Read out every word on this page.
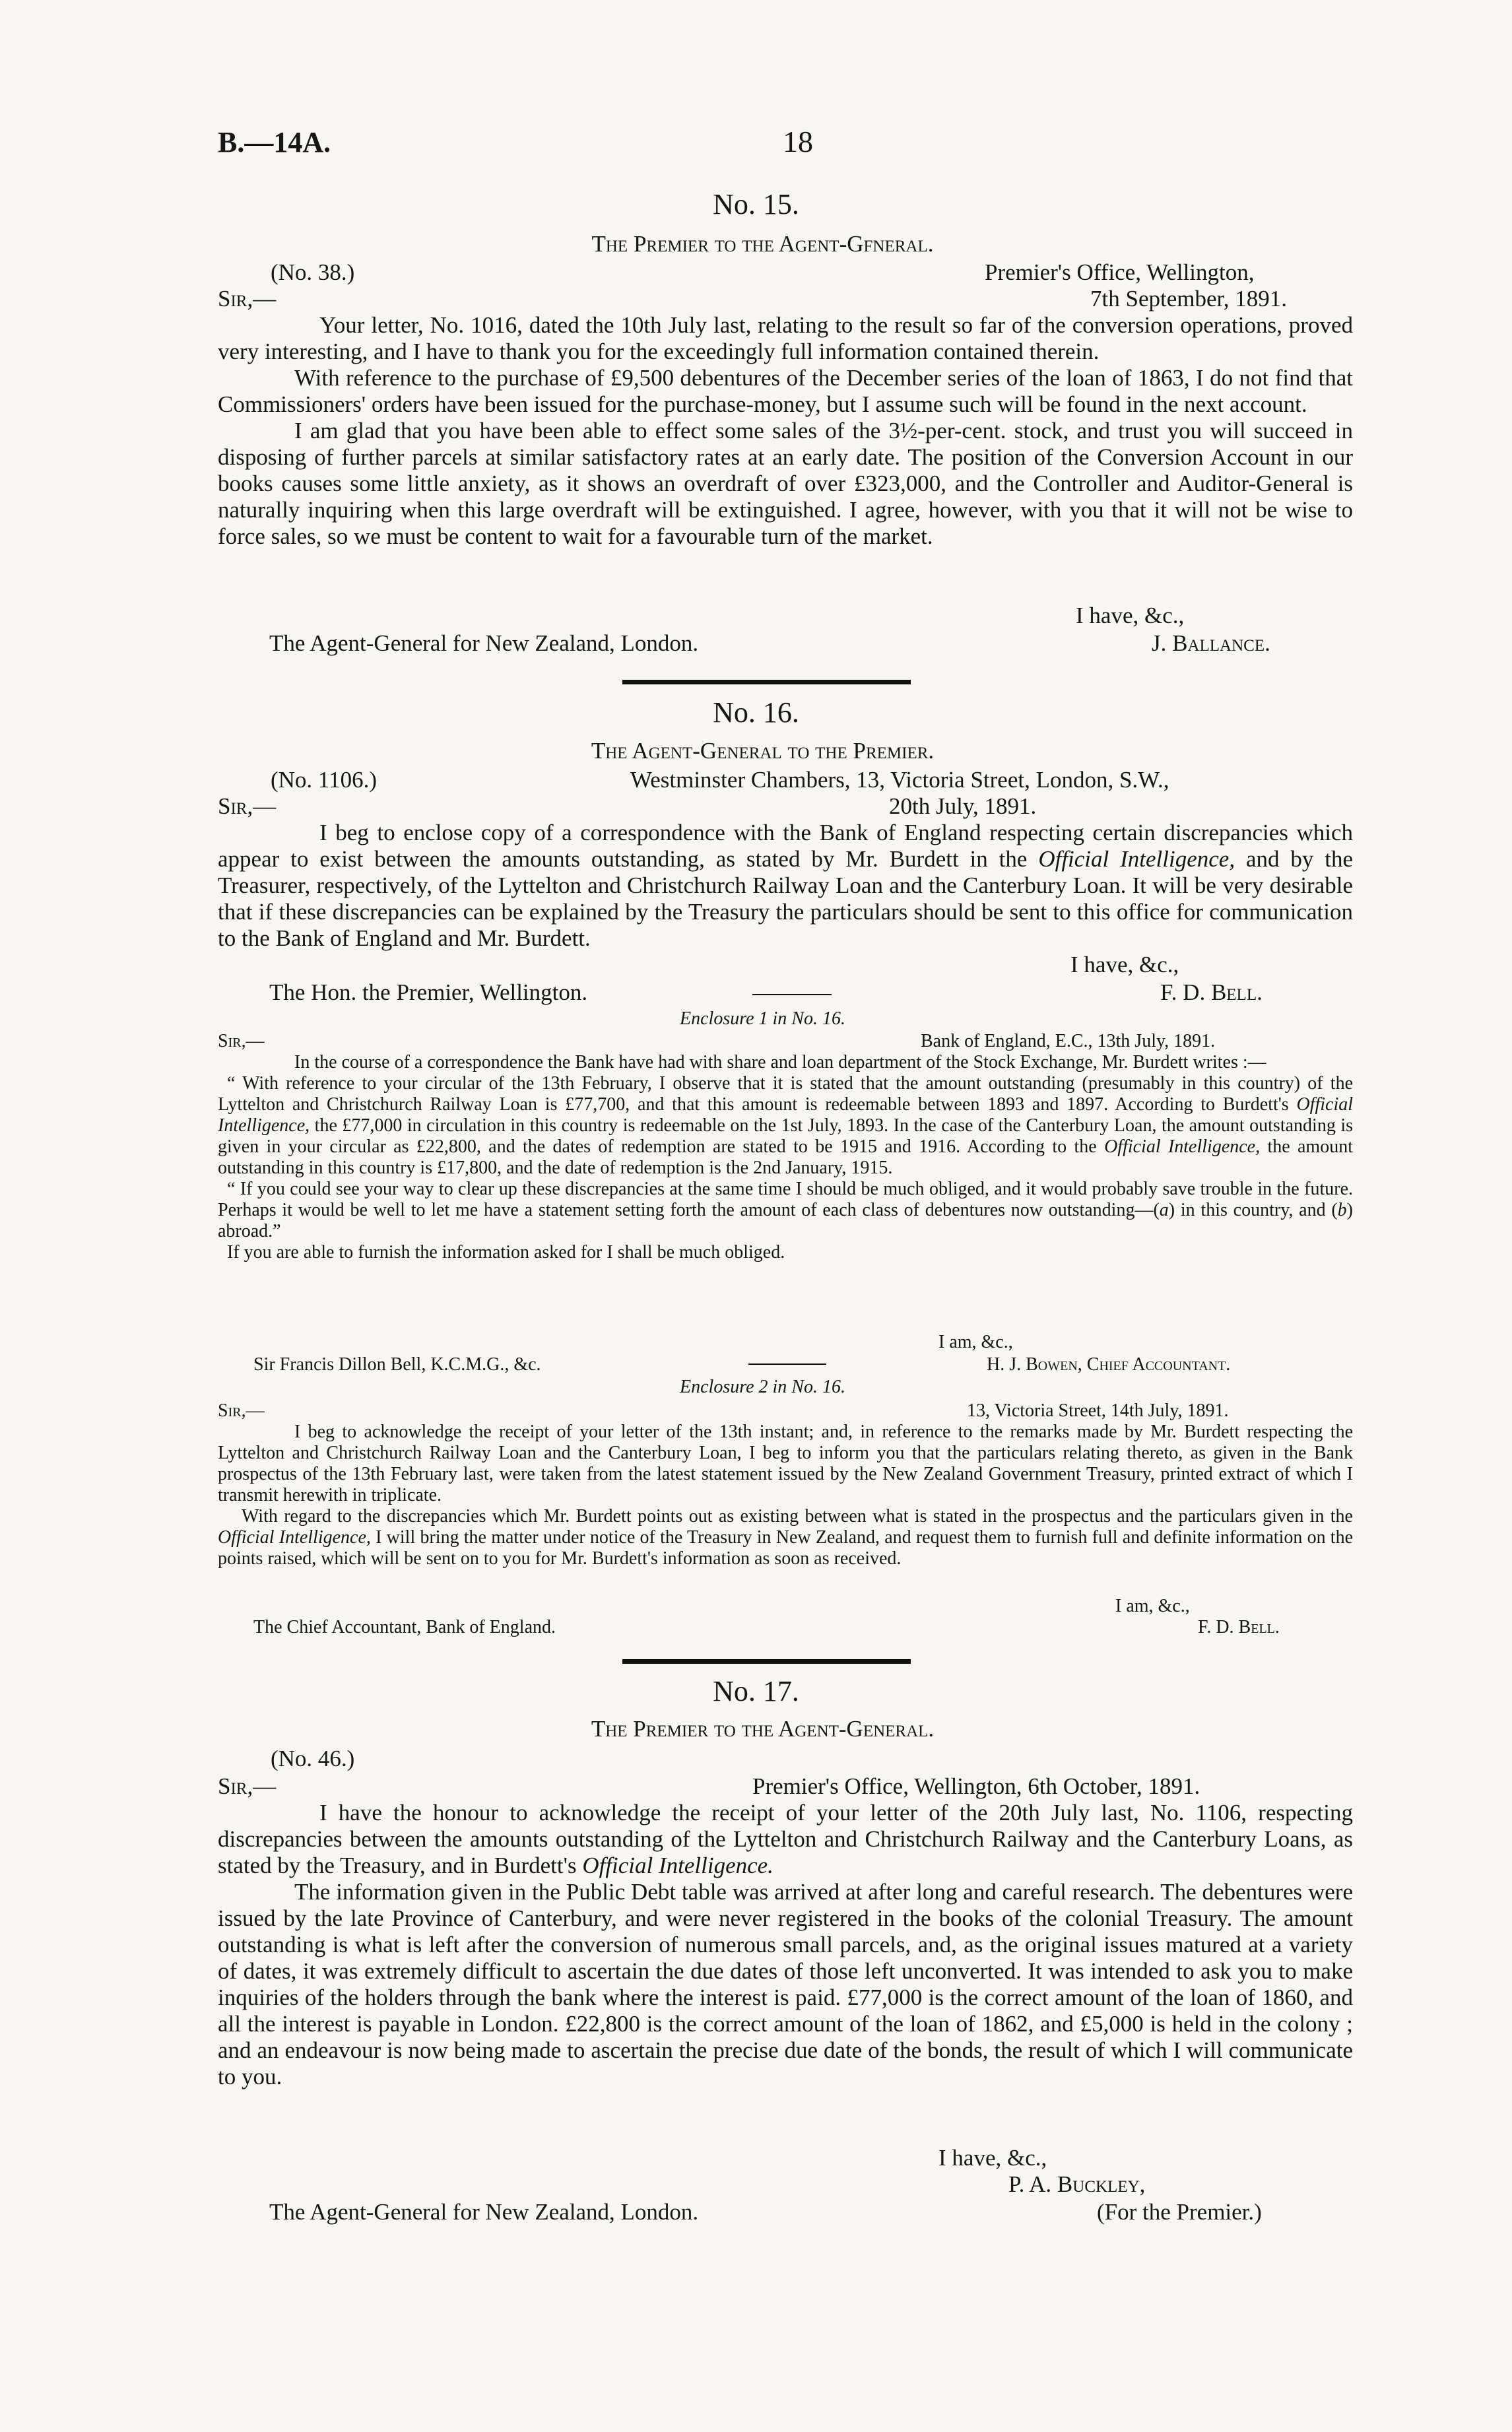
B.—14A.	18
No. 15.
The Premier to the Agent-Gfneral.
(No. 38.)	Premier's Office, Wellington,
Sir,—	7th September, 1891.
Your letter, No. 1016, dated the 10th July last, relating to the result so far of the conversion operations, proved very interesting, and I have to thank you for the exceedingly full information contained therein.
With reference to the purchase of £9,500 debentures of the December series of the loan of 1863, I do not find that Commissioners' orders have been issued for the purchase-money, but I assume such will be found in the next account.
I am glad that you have been able to effect some sales of the 3½-per-cent. stock, and trust you will succeed in disposing of further parcels at similar satisfactory rates at an early date. The position of the Conversion Account in our books causes some little anxiety, as it shows an overdraft of over £323,000, and the Controller and Auditor-General is naturally inquiring when this large overdraft will be extinguished. I agree, however, with you that it will not be wise to force sales, so we must be content to wait for a favourable turn of the market.
I have, &c.,
The Agent-General for New Zealand, London.	J. Ballance.
No. 16.
The Agent-General to the Premier.
(No. 1106.)	Westminster Chambers, 13, Victoria Street, London, S.W.,
Sir,—	20th July, 1891.
I beg to enclose copy of a correspondence with the Bank of England respecting certain discrepancies which appear to exist between the amounts outstanding, as stated by Mr. Burdett in the Official Intelligence, and by the Treasurer, respectively, of the Lyttelton and Christchurch Railway Loan and the Canterbury Loan. It will be very desirable that if these discrepancies can be explained by the Treasury the particulars should be sent to this office for communication to the Bank of England and Mr. Burdett.
I have, &c.,
The Hon. the Premier, Wellington.	F. D. Bell.
Enclosure 1 in No. 16.
Sir,—	Bank of England, E.C., 13th July, 1891.
In the course of a correspondence the Bank have had with share and loan department of the Stock Exchange, Mr. Burdett writes :—
“ With reference to your circular of the 13th February, I observe that it is stated that the amount outstanding (presumably in this country) of the Lyttelton and Christchurch Railway Loan is £77,700, and that this amount is redeemable between 1893 and 1897. According to Burdett's Official Intelligence, the £77,000 in circulation in this country is redeemable on the 1st July, 1893. In the case of the Canterbury Loan, the amount outstanding is given in your circular as £22,800, and the dates of redemption are stated to be 1915 and 1916. According to the Official Intelligence, the amount outstanding in this country is £17,800, and the date of redemption is the 2nd January, 1915.
“ If you could see your way to clear up these discrepancies at the same time I should be much obliged, and it would probably save trouble in the future. Perhaps it would be well to let me have a statement setting forth the amount of each class of debentures now outstanding—(a) in this country, and (b) abroad.”
If you are able to furnish the information asked for I shall be much obliged.
I am, &c.,
Sir Francis Dillon Bell, K.C.M.G., &c.	H. J. Bowen, Chief Accountant.
Enclosure 2 in No. 16.
Sir,—	13, Victoria Street, 14th July, 1891.
I beg to acknowledge the receipt of your letter of the 13th instant; and, in reference to the remarks made by Mr. Burdett respecting the Lyttelton and Christchurch Railway Loan and the Canterbury Loan, I beg to inform you that the particulars relating thereto, as given in the Bank prospectus of the 13th February last, were taken from the latest statement issued by the New Zealand Government Treasury, printed extract of which I transmit herewith in triplicate.
With regard to the discrepancies which Mr. Burdett points out as existing between what is stated in the prospectus and the particulars given in the Official Intelligence, I will bring the matter under notice of the Treasury in New Zealand, and request them to furnish full and definite information on the points raised, which will be sent on to you for Mr. Burdett's information as soon as received.
I am, &c.,
The Chief Accountant, Bank of England.	F. D. Bell.
No. 17.
The Premier to the Agent-General.
(No. 46.)
Sir,—	Premier's Office, Wellington, 6th October, 1891.
I have the honour to acknowledge the receipt of your letter of the 20th July last, No. 1106, respecting discrepancies between the amounts outstanding of the Lyttelton and Christchurch Railway and the Canterbury Loans, as stated by the Treasury, and in Burdett's Official Intelligence.
The information given in the Public Debt table was arrived at after long and careful research. The debentures were issued by the late Province of Canterbury, and were never registered in the books of the colonial Treasury. The amount outstanding is what is left after the conversion of numerous small parcels, and, as the original issues matured at a variety of dates, it was extremely difficult to ascertain the due dates of those left unconverted. It was intended to ask you to make inquiries of the holders through the bank where the interest is paid. £77,000 is the correct amount of the loan of 1860, and all the interest is payable in London. £22,800 is the correct amount of the loan of 1862, and £5,000 is held in the colony ; and an endeavour is now being made to ascertain the precise due date of the bonds, the result of which I will communicate to you.
I have, &c.,
P. A. Buckley,
The Agent-General for New Zealand, London.	(For the Premier.)
